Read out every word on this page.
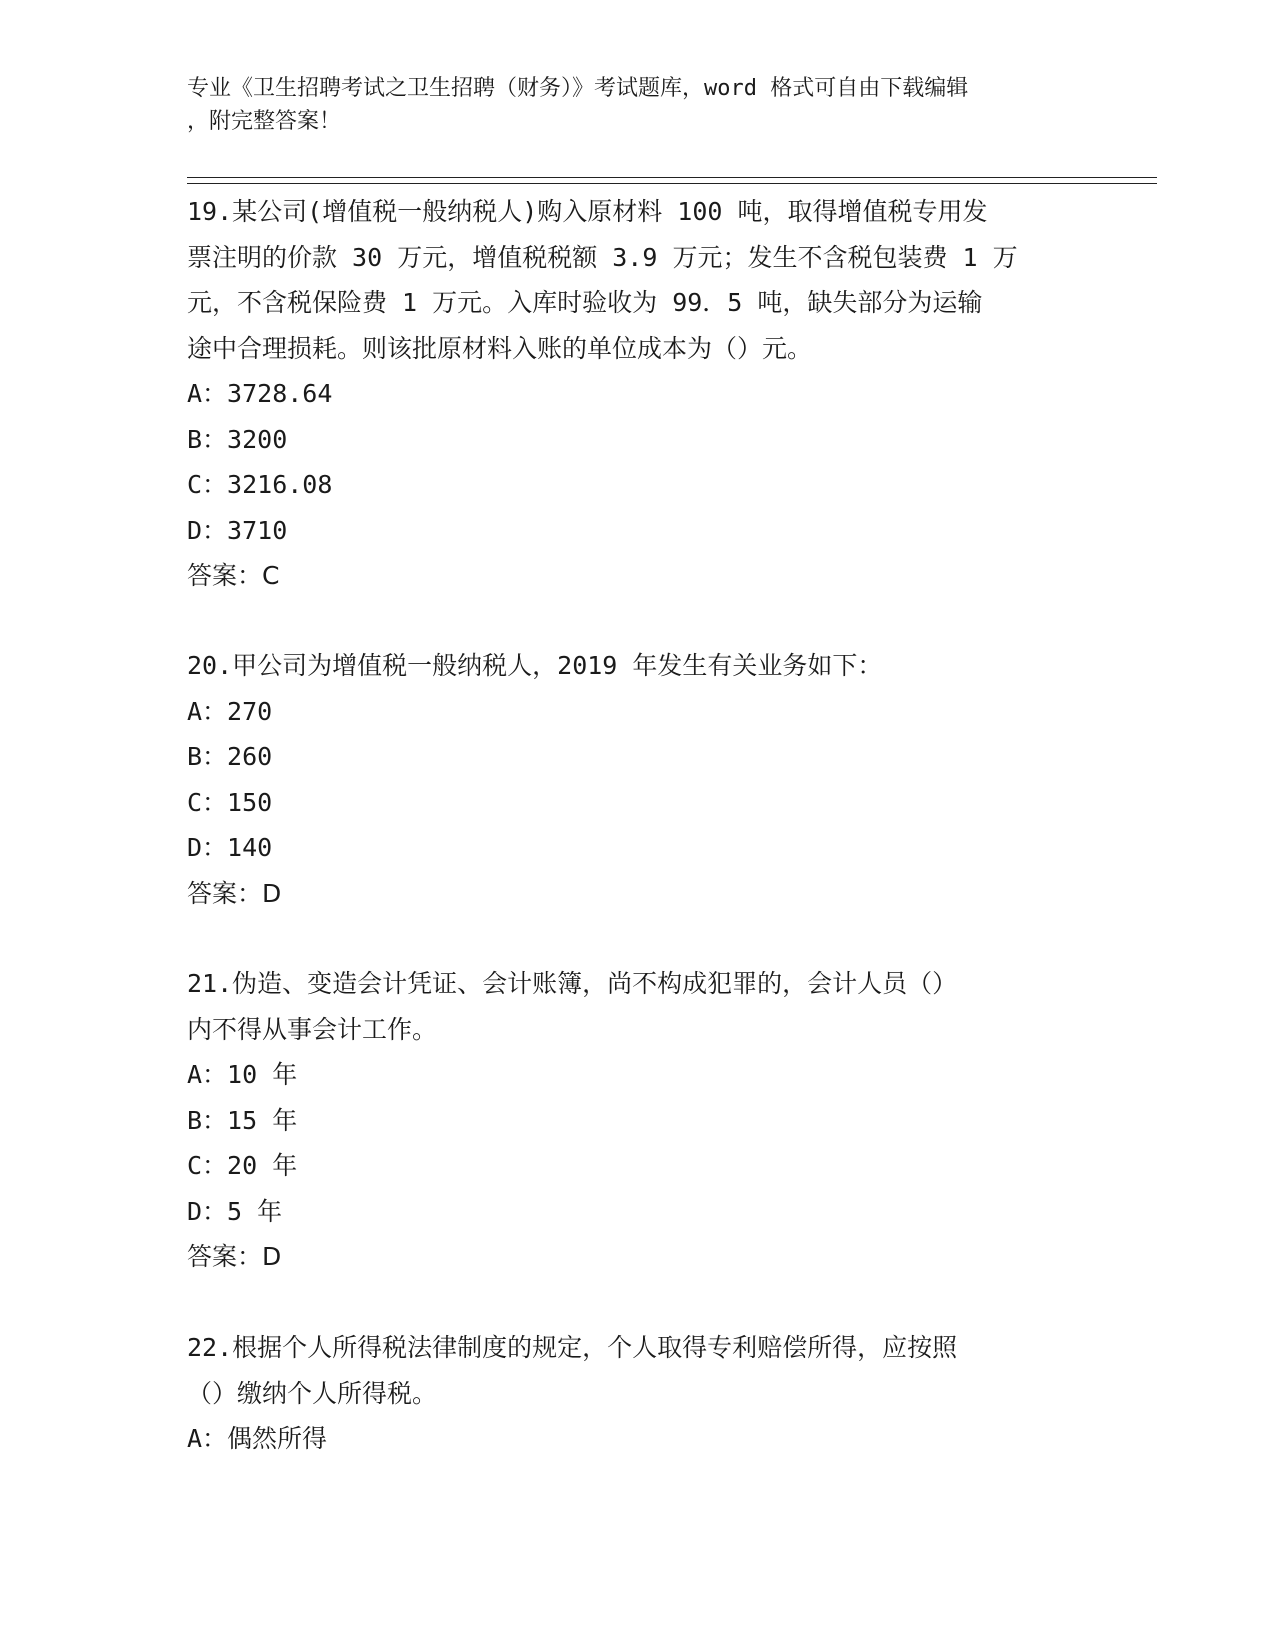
专业《卫生招聘考试之卫生招聘（财务）》考试题库，word 格式可自由下载编辑
，附完整答案！

19.某公司(增值税一般纳税人)购入原材料 100 吨，取得增值税专用发

票注明的价款 30 万元，增值税税额 3.9 万元；发生不含税包装费 1 万

元，不含税保险费 1 万元。入库时验收为 99．5 吨，缺失部分为运输

途中合理损耗。则该批原材料入账的单位成本为（）元。

A：3728.64

B：3200

C：3216.08

D：3710

答案：C

20.甲公司为增值税一般纳税人，2019 年发生有关业务如下：

A：270

B：260

C：150

D：140

答案：D

21.伪造、变造会计凭证、会计账簿，尚不构成犯罪的，会计人员（）

内不得从事会计工作。

A：10 年

B：15 年

C：20 年

D：5 年

答案：D

22.根据个人所得税法律制度的规定，个人取得专利赔偿所得，应按照

（）缴纳个人所得税。

A：偶然所得
